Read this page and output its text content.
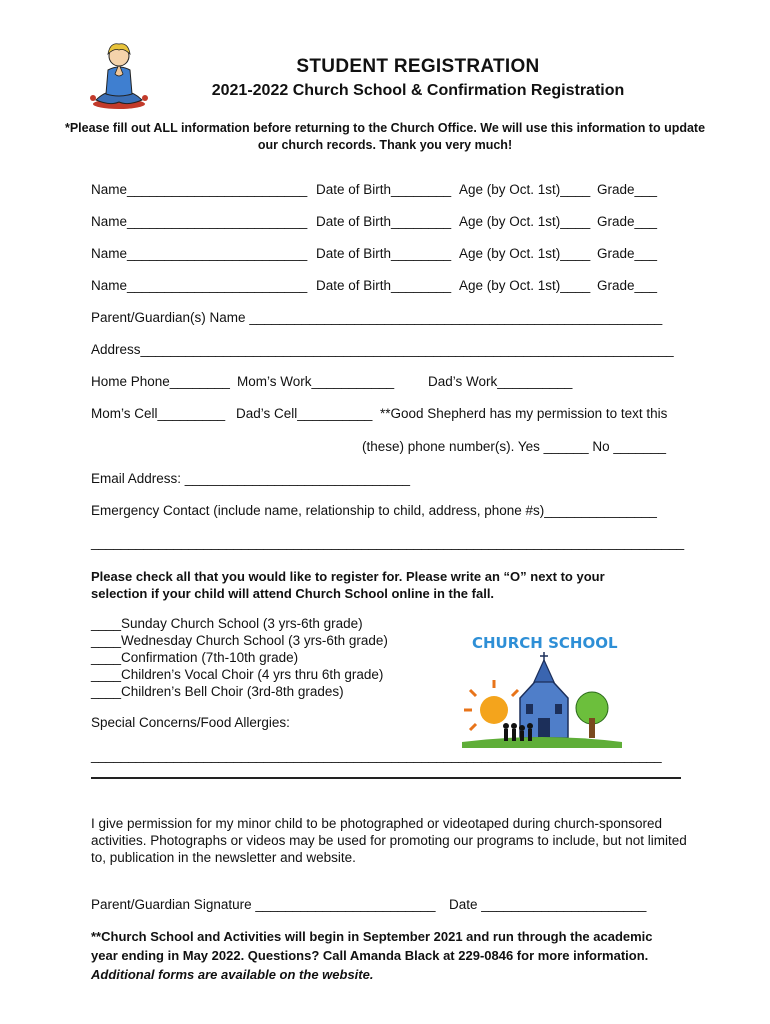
STUDENT REGISTRATION
2021-2022 Church School & Confirmation Registration
*Please fill out ALL information before returning to the Church Office. We will use this information to update our church records. Thank you very much!
Name________________________ Date of Birth________ Age (by Oct. 1st)____ Grade___
Name________________________ Date of Birth________ Age (by Oct. 1st)____ Grade___
Name________________________ Date of Birth________ Age (by Oct. 1st)____ Grade___
Name________________________ Date of Birth________ Age (by Oct. 1st)____ Grade___
Parent/Guardian(s) Name _______________________________________________________
Address_______________________________________________________________________
Home Phone________ Mom’s Work___________	Dad’s Work__________
Mom’s Cell_________ Dad’s Cell__________ **Good Shepherd has my permission to text this
(these) phone number(s). Yes ______ No _______
Email Address: ______________________________
Emergency Contact (include name, relationship to child, address, phone #s)_______________
_______________________________________________________________________________
Please check all that you would like to register for. Please write an “O” next to your selection if your child will attend Church School online in the fall.
____Sunday Church School (3 yrs-6th grade)
____Wednesday Church School (3 yrs-6th grade)
____Confirmation (7th-10th grade)
____Children’s Vocal Choir (4 yrs thru 6th grade)
____Children’s Bell Choir (3rd-8th grades)
Special Concerns/Food Allergies:
____________________________________________________________________________
CHURCH SCHOOL
I give permission for my minor child to be photographed or videotaped during church-sponsored activities. Photographs or videos may be used for promoting our programs to include, but not limited to, publication in the newsletter and website.
Parent/Guardian Signature ________________________ Date ______________________
**Church School and Activities will begin in September 2021 and run through the academic year ending in May 2022. Questions? Call Amanda Black at 229-0846 for more information. Additional forms are available on the website.
